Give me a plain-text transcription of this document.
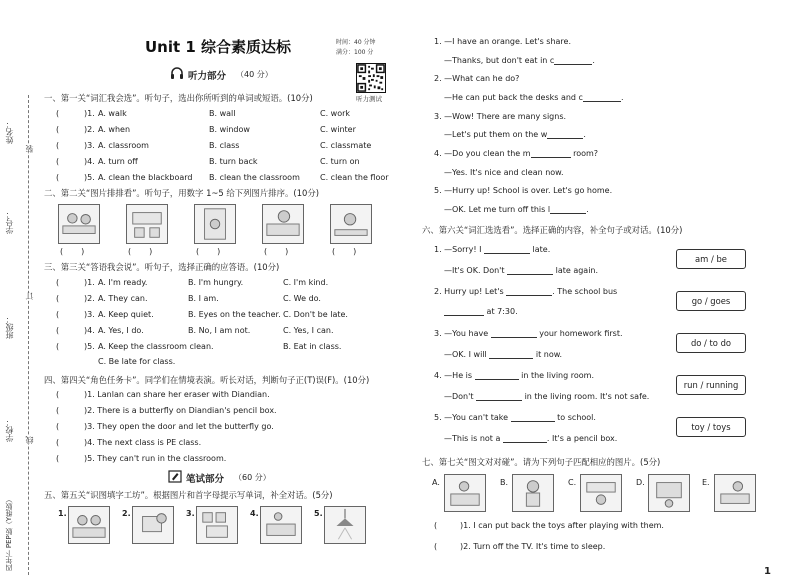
姓名：
学号：
班级：
学校：
装
订
线
四年下 PEP版（Y维版）
Unit 1 综合素质达标	时间：40 分钟
满分：100 分
听力测试
听力部分 （40 分）
一、第一关“词汇我会选”。听句子，选出你所听到的单词或短语。(10分)
(	)1. A. walk	B. wall	C. work
(	)2. A. when	B. window	C. winter
(	)3. A. classroom	B. class	C. classmate
(	)4. A. turn off	B. turn back	C. turn on
(	)5. A. clean the blackboard B. clean the classroom	C. clean the floor
二、第二关“图片排排看”。听句子，用数字 1~5 给下列图片排序。(10分)
()	()	()	()	()
三、第三关“答语我会说”。听句子，选择正确的应答语。(10分)
(	)1. A. I'm ready.	B. I'm hungry.	C. I'm kind.
(	)2. A. They can.	B. I am.	C. We do.
(	)3. A. Keep quiet.	B. Eyes on the teacher. C. Don't be late.
(	)4. A. Yes, I do.	B. No, I am not.	C. Yes, I can.
(	)5. A. Keep the classroom clean.	B. Eat in class.
C. Be late for class.
四、第四关“角色任务卡”。同学们在情境表演。听长对话，判断句子正(T)误(F)。(10分)
(	)1. Lanlan can share her eraser with Diandian.
(	)2. There is a butterfly on Diandian's pencil box.
(	)3. They open the door and let the butterfly go.
(	)4. The next class is PE class.
(	)5. They can't run in the classroom.
笔试部分 （60 分）
五、第五关“识图填字工坊”。根据图片和首字母提示写单词，补全对话。(5分)
1.	2.	3.	4.	5.
1. —I have an orange. Let's share.
—Thanks, but don't eat in c	.
2. —What can he do?
—He can put back the desks and c	.
3. —Wow! There are many signs.
—Let's put them on the w	.
4. —Do you clean the m	room?
—Yes. It's nice and clean now.
5. —Hurry up! School is over. Let's go home.
—OK. Let me turn off this l	.
六、第六关“词汇选选看”。选择正确的内容，补全句子或对话。(10分)
1. —Sorry! I	late.
—It's OK. Don't	late again.
2. Hurry up! Let's	. The school bus
at 7:30.
3. —You have	your homework first.
—OK. I will	it now.
4. —He is	in the living room.
—Don't	in the living room. It's not safe.
5. —You can't take	to school.
—This is not a	. It's a pencil box.
am / be
go / goes
do / to do
run / running
toy / toys
七、第七关“图文对对碰”。请为下列句子匹配相应的图片。(5分)
A.	B.	C.	D.	E.
(	)1. I can put back the toys after playing with them.
(	)2. Turn off the TV. It's time to sleep.
1
